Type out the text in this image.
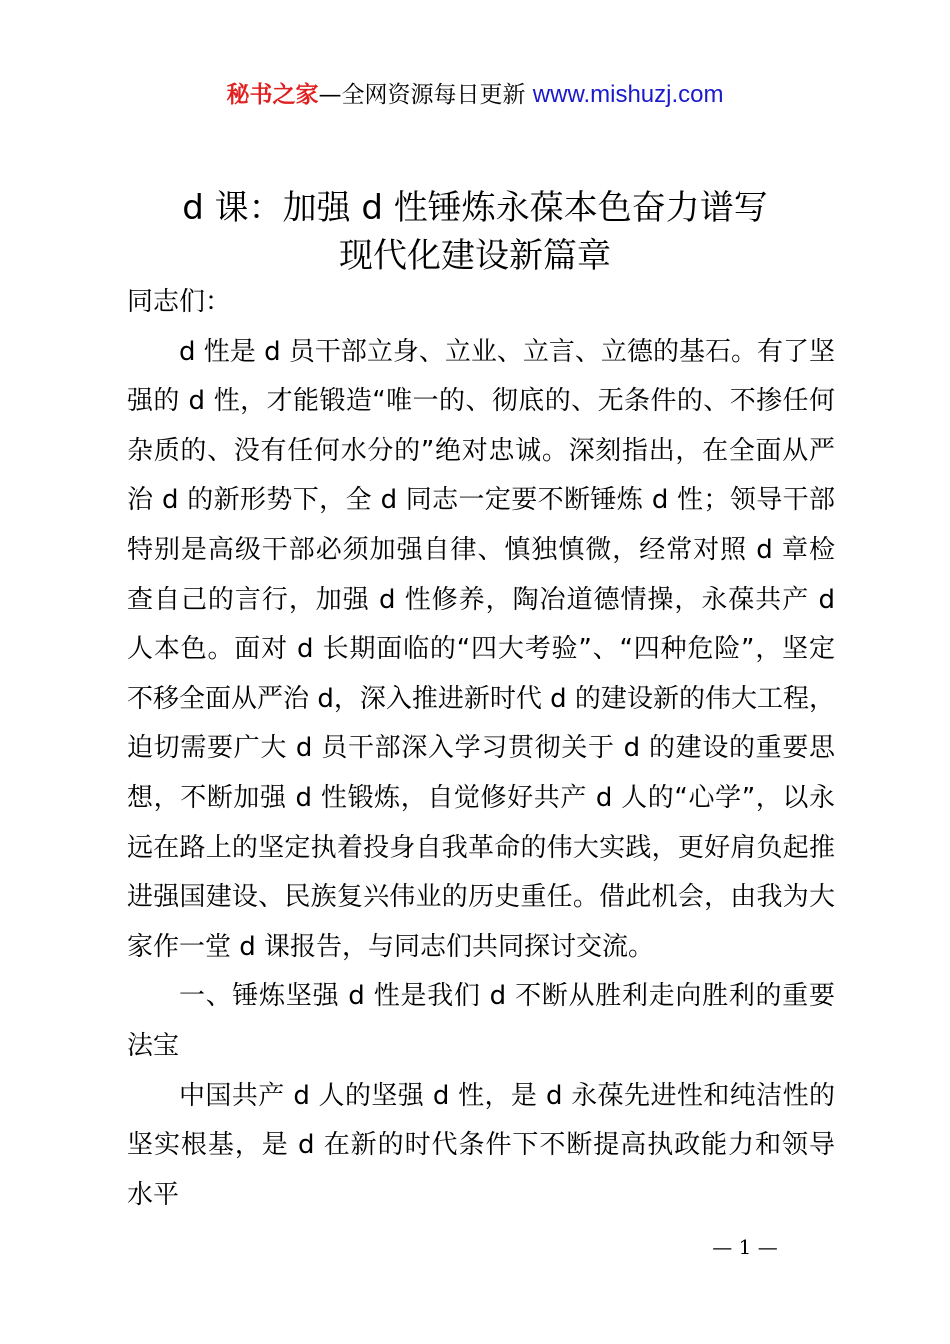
秘书之家—全网资源每日更新 www.mishuzj.com
d 课：加强 d 性锤炼永葆本色奋力谱写
现代化建设新篇章

同志们：

d 性是 d 员干部立身、立业、立言、立德的基石。有了坚强的 d 性，才能锻造“唯一的、彻底的、无条件的、不掺任何杂质的、没有任何水分的”绝对忠诚。深刻指出，在全面从严治 d 的新形势下，全 d 同志一定要不断锤炼 d 性；领导干部特别是高级干部必须加强自律、慎独慎微，经常对照 d 章检查自己的言行，加强 d 性修养，陶冶道德情操，永葆共产 d 人本色。面对 d 长期面临的“四大考验”、“四种危险”，坚定不移全面从严治 d，深入推进新时代 d 的建设新的伟大工程，迫切需要广大 d 员干部深入学习贯彻关于 d 的建设的重要思想，不断加强 d 性锻炼，自觉修好共产 d 人的“心学”，以永远在路上的坚定执着投身自我革命的伟大实践，更好肩负起推进强国建设、民族复兴伟业的历史重任。借此机会，由我为大家作一堂 d 课报告，与同志们共同探讨交流。

一、锤炼坚强 d 性是我们 d 不断从胜利走向胜利的重要法宝

中国共产 d 人的坚强 d 性，是 d 永葆先进性和纯洁性的坚实根基，是 d 在新的时代条件下不断提高执政能力和领导水平

— 1 —
